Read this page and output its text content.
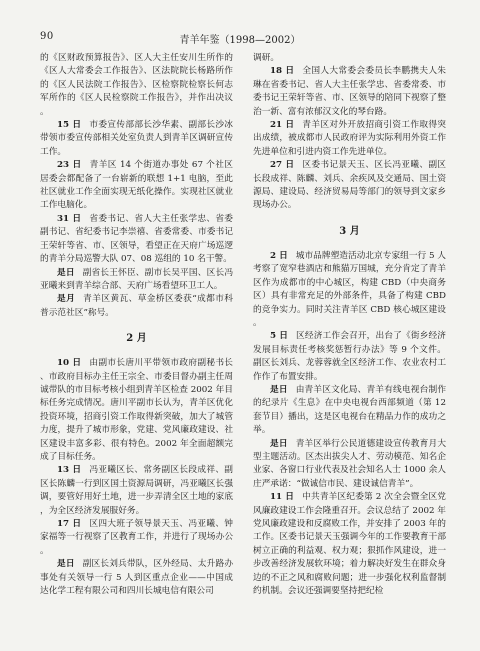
90	青羊年鉴（1998—2002）

的《区财政预算报告》、区人大主任安川生所作的《区人大常委会工作报告》、区法院院长杨路所作的《区人民法院工作报告》、区检察院检察长何志军所作的《区人民检察院工作报告》，并作出决议。

15 日 市委宣传部部长沙华素、副部长沙冰带领市委宣传部相关处室负责人到青羊区调研宣传工作。

23 日 青羊区 14 个街道办事处 67 个社区居委会都配备了一台崭新的联想 1+1 电脑，至此社区就业工作全面实现无纸化操作。实现社区就业工作电脑化。

31 日 省委书记、省人大主任张学忠、省委副书记、省纪委书记李崇禧、省委常委、市委书记王荣轩等省、市、区领导，看望正在天府广场巡逻的青羊分局巡警大队 07、08 巡组的 10 名干警。

是日 副省长王怀臣、副市长吴平国、区长冯亚曦来到青羊综合部、天府广场看望环卫工人。

是月 青羊区黄瓦、草金桥区委获“成都市科普示范社区”称号。

2 月

10 日 由副市长唐川平带领市政府副秘书长、市政府目标办主任王宗全、市委目督办副主任周诚带队的市目标考核小组到青羊区检查 2002 年目标任务完成情况。唐川平副市长认为，青羊区优化投资环境，招商引资工作取得新突破，加大了城管力度，提升了城市形象，党建、党风廉政建设、社区建设丰富多彩、很有特色。2002 年全面超额完成了目标任务。

13 日 冯亚曦区长、常务副区长段成祥、副区长陈麟一行到区国土资源局调研，冯亚曦区长强调，要管好用好土地，进一步弄清全区土地的家底，为全区经济发展服好务。

17 日 区四大班子领导景天玉、冯亚曦、钟家福等一行视察了区教育工作，并进行了现场办公。

是日 副区长刘兵带队，区外经局、太升路办事处有关领导一行 5 人到区重点企业——中国成达化学工程有限公司和四川长城电信有限公司

调研。

18 日 全国人大常委会委员长李鹏携夫人朱琳在省委书记、省人大主任张学忠、省委常委、市委书记王荣轩等省、市、区领导的陪同下视察了整治一新、富有浓郁汉文化的琴台路。

21 日 青羊区对外开放招商引资工作取得突出成绩，被成都市人民政府评为实际利用外资工作先进单位和引进内资工作先进单位。

27 日 区委书记景天玉、区长冯亚曦、副区长段成祥、陈麟、刘兵、余疾风及交通局、国土资源局、建设局、经济贸易局等部门的领导到文家乡现场办公。

3 月

2 日 城市品牌塑造活动北京专家组一行 5 人考察了宽窄巷酒店和熊猫万国城，充分肯定了青羊区作为成都市的中心城区，构建 CBD（中央商务区）具有非常充足的外部条件，具备了构建 CBD 的竞争实力。同时关注青羊区 CBD 核心城区建设。

5 日 区经济工作会召开，出台了《街乡经济发展目标责任考核奖惩暂行办法》等 9 个文件。副区长刘兵、龙蓉蓉就全区经济工作、农业农村工作作了布置安排。

是日 由青羊区文化局、青羊有线电视台制作的纪录片《生息》在中央电视台西部频道（第 12 套节目）播出，这是区电视台在精品力作的成功之举。

是日 青羊区举行公民道德建设宣传教育月大型主题活动。区杰出拔尖人才、劳动模范、知名企业家、各窗口行业代表及社会知名人士 1000 余人庄严承诺：“做诚信市民、建设诚信青羊”。

11 日 中共青羊区纪委第 2 次全会暨全区党风廉政建设工作会隆重召开。会议总结了 2002 年党风廉政建设和反腐败工作，并安排了 2003 年的工作。区委书记景天玉强调今年的工作要教育干部树立正确的利益观、权力观；狠抓作风建设，进一步改善经济发展软环境；着力解决好发生在群众身边的不正之风和腐败问题；进一步强化权利监督制约机制。会议还强调要坚持把纪检
